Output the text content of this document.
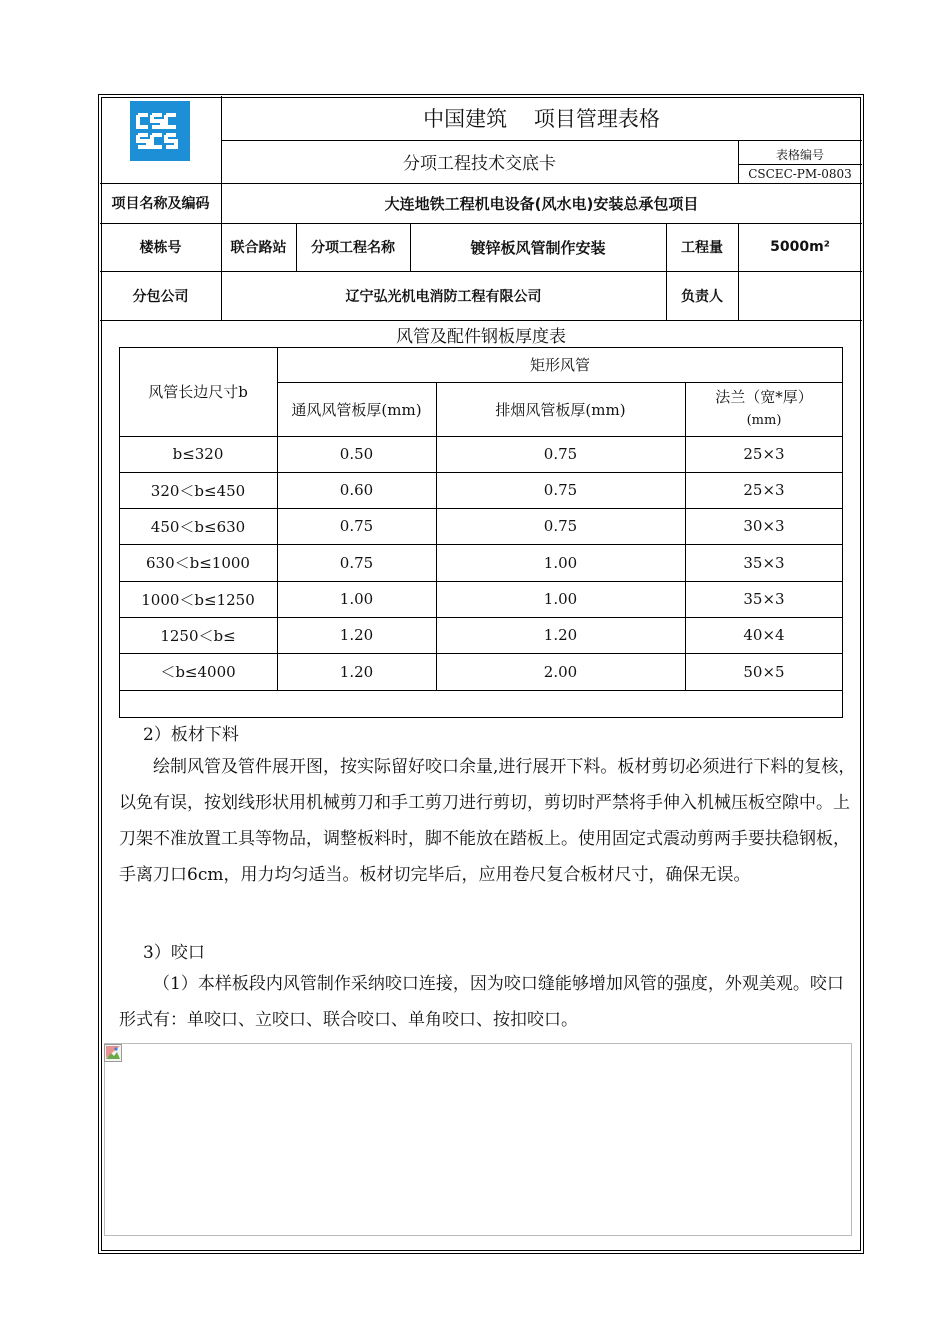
中国建筑    项目管理表格
分项工程技术交底卡	表格编号
CSCEC-PM-0803
项目名称及编码	大连地铁工程机电设备(风水电)安装总承包项目
楼栋号	联合路站	分项工程名称	镀锌板风管制作安装	工程量	5000m²
分包公司	辽宁弘光机电消防工程有限公司	负责人
风管及配件钢板厚度表
风管长边尺寸b
矩形风管
通风风管板厚(mm)	排烟风管板厚(mm)
法兰（宽*厚）
(mm)
b≤320	0.50	0.75	25×3
320＜b≤450	0.60	0.75	25×3
450＜b≤630	0.75	0.75	30×3
630＜b≤1000	0.75	1.00	35×3
1000＜b≤1250	1.00	1.00	35×3
1250＜b≤	1.20	1.20	40×4
＜b≤4000	1.20	2.00	50×5
2）板材下料

绘制风管及管件展开图，按实际留好咬口余量,进行展开下料。板材剪切必须进行下料的复核，以免有误，按划线形状用机械剪刀和手工剪刀进行剪切，剪切时严禁将手伸入机械压板空隙中。上刀架不准放置工具等物品，调整板料时，脚不能放在踏板上。使用固定式震动剪两手要扶稳钢板，手离刀口6cm，用力均匀适当。板材切完毕后，应用卷尺复合板材尺寸，确保无误。

3）咬口

（1）本样板段内风管制作采纳咬口连接，因为咬口缝能够增加风管的强度，外观美观。咬口形式有：单咬口、立咬口、联合咬口、单角咬口、按扣咬口。
